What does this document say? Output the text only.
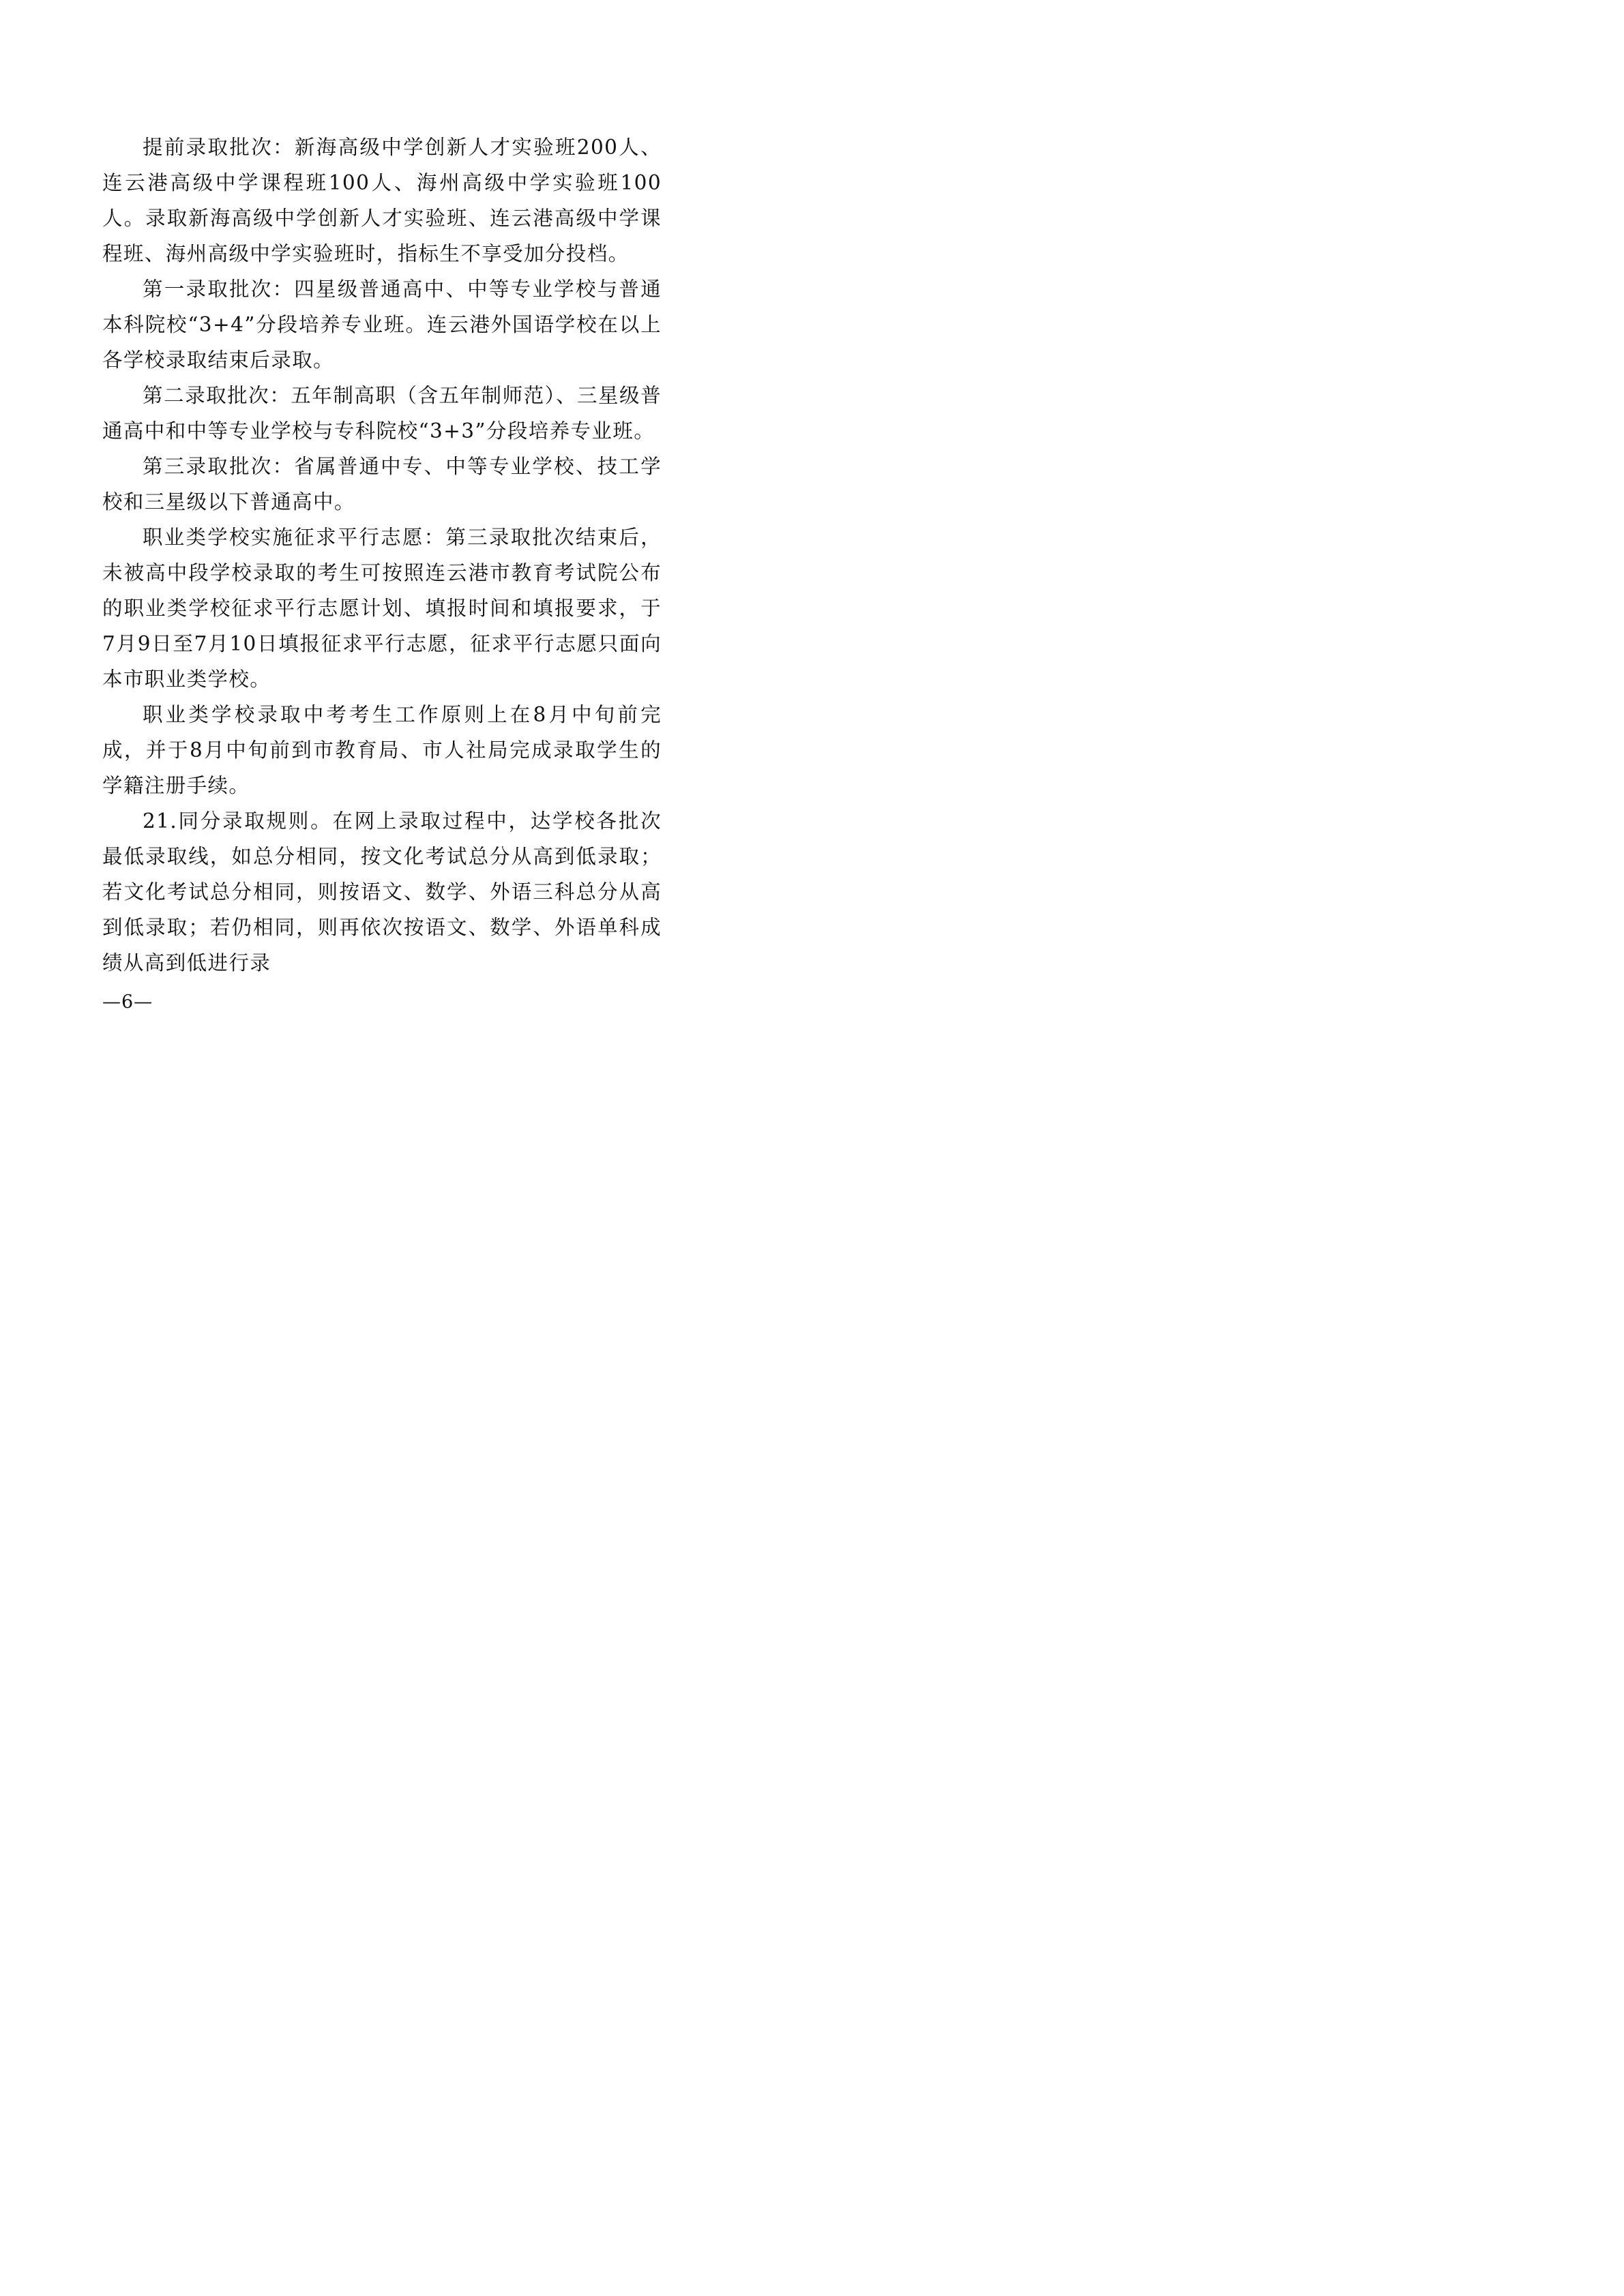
提前录取批次：新海高级中学创新人才实验班200人、连云港高级中学课程班100人、海州高级中学实验班100人。录取新海高级中学创新人才实验班、连云港高级中学课程班、海州高级中学实验班时，指标生不享受加分投档。

第一录取批次：四星级普通高中、中等专业学校与普通本科院校“3+4”分段培养专业班。连云港外国语学校在以上各学校录取结束后录取。

第二录取批次：五年制高职（含五年制师范）、三星级普通高中和中等专业学校与专科院校“3+3”分段培养专业班。

第三录取批次：省属普通中专、中等专业学校、技工学校和三星级以下普通高中。

职业类学校实施征求平行志愿：第三录取批次结束后，未被高中段学校录取的考生可按照连云港市教育考试院公布的职业类学校征求平行志愿计划、填报时间和填报要求，于7月9日至7月10日填报征求平行志愿，征求平行志愿只面向本市职业类学校。

职业类学校录取中考考生工作原则上在8月中旬前完成，并于8月中旬前到市教育局、市人社局完成录取学生的学籍注册手续。

21.同分录取规则。在网上录取过程中，达学校各批次最低录取线，如总分相同，按文化考试总分从高到低录取；若文化考试总分相同，则按语文、数学、外语三科总分从高到低录取；若仍相同，则再依次按语文、数学、外语单科成绩从高到低进行录

—6—
